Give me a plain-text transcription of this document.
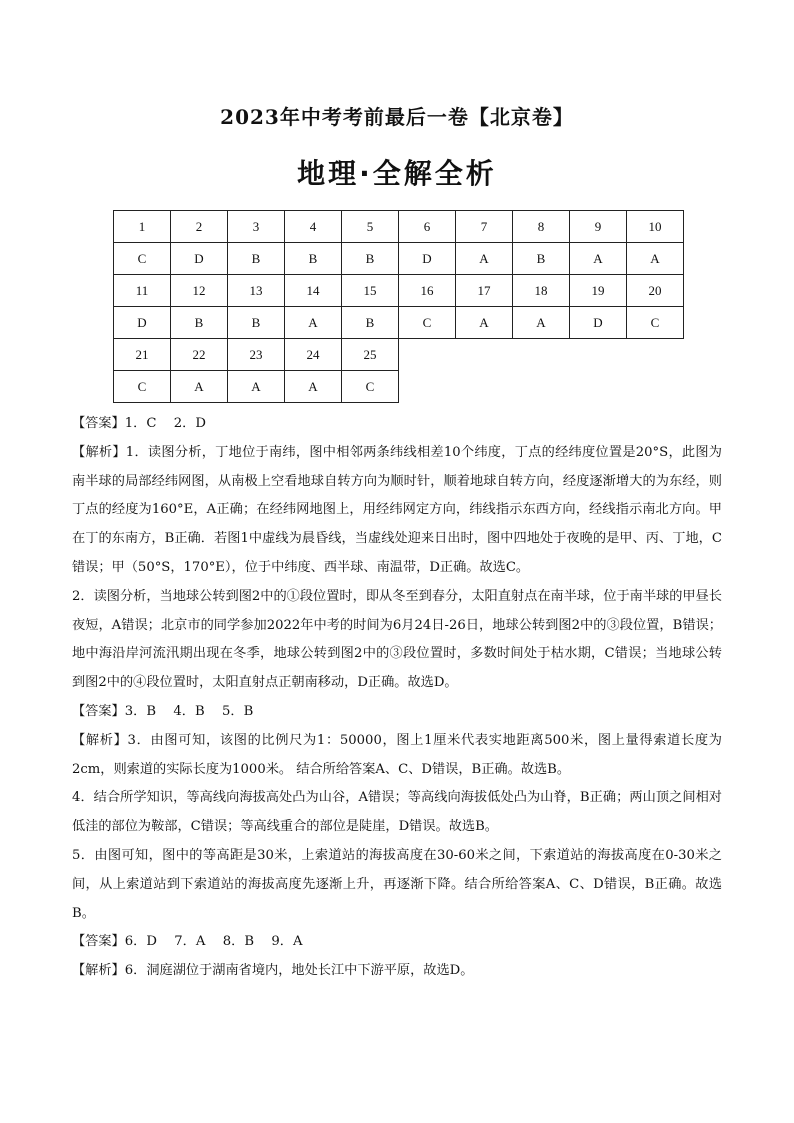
2023年中考考前最后一卷【北京卷】
地理·全解全析
1	2	3	4	5	6	7	8	9	10
C	D	B	B	B	D	A	B	A	A
11	12	13	14	15	16	17	18	19	20
D	B	B	A	B	C	A	A	D	C
21	22	23	24	25					
C	A	A	A	C					

【答案】1．C　 2．D

【解析】1．读图分析，丁地位于南纬，图中相邻两条纬线相差10个纬度，丁点的经纬度位置是20°S，此图为南半球的局部经纬网图，从南极上空看地球自转方向为顺时针，顺着地球自转方向，经度逐渐增大的为东经，则丁点的经度为160°E，A正确；在经纬网地图上，用经纬网定方向，纬线指示东西方向，经线指示南北方向。甲在丁的东南方，B正确．若图1中虚线为晨昏线，当虚线处迎来日出时，图中四地处于夜晚的是甲、丙、丁地，C错误；甲（50°S，170°E），位于中纬度、西半球、南温带，D正确。故选C。

2．读图分析，当地球公转到图2中的①段位置时，即从冬至到春分，太阳直射点在南半球，位于南半球的甲昼长夜短，A错误；北京市的同学参加2022年中考的时间为6月24日-26日，地球公转到图2中的③段位置，B错误；地中海沿岸河流汛期出现在冬季，地球公转到图2中的③段位置时，多数时间处于枯水期，C错误；当地球公转到图2中的④段位置时，太阳直射点正朝南移动，D正确。故选D。

【答案】3．B　 4．B　 5．B

【解析】3．由图可知，该图的比例尺为1：50000，图上1厘米代表实地距离500米，图上量得索道长度为2cm，则索道的实际长度为1000米。 结合所给答案A、C、D错误，B正确。故选B。

4．结合所学知识，等高线向海拔高处凸为山谷，A错误；等高线向海拔低处凸为山脊，B正确；两山顶之间相对低洼的部位为鞍部，C错误；等高线重合的部位是陡崖，D错误。故选B。

5．由图可知，图中的等高距是30米，上索道站的海拔高度在30-60米之间，下索道站的海拔高度在0-30米之间，从上索道站到下索道站的海拔高度先逐渐上升，再逐渐下降。结合所给答案A、C、D错误，B正确。故选B。

【答案】6．D　 7．A　 8．B　 9．A

【解析】6．洞庭湖位于湖南省境内，地处长江中下游平原，故选D。
